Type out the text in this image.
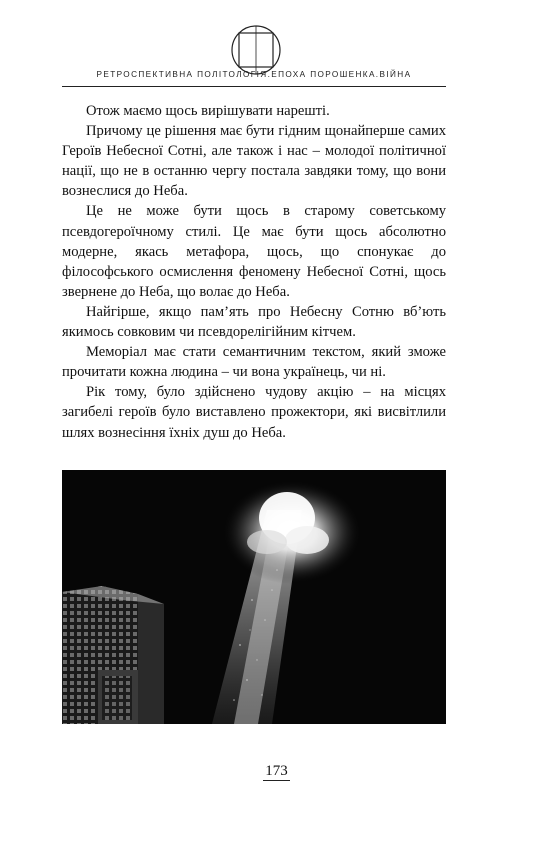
РЕТРОСПЕКТИВНА ПОЛІТОЛОГІЯ.ЕПОХА ПОРОШЕНКА.ВІЙНА

Отож маємо щось вирішувати нарешті.

Причому це рішення має бути гідним щонайперше самих Героїв Небесної Сотні, але також і нас – молодої політичної нації, що не в останню чергу постала завдяки тому, що вони вознеслися до Неба.

Це не може бути щось в старому советському псевдогероїчному стилі. Це має бути щось абсолютно модерне, якась метафора, щось, що спонукає до філософського осмислення феномену Небесної Сотні, щось звернене до Неба, що волає до Неба.

Найгірше, якщо пам’ять про Небесну Сотню вб’ють якимось совковим чи псевдорелігійним кітчем.

Меморіал має стати семантичним текстом, який зможе прочитати кожна людина – чи вона українець, чи ні.

Рік тому, було здійснено чудову акцію – на місцях загибелі героїв було виставлено прожектори, які висвітлили шлях вознесіння їхніх душ до Неба.

173
